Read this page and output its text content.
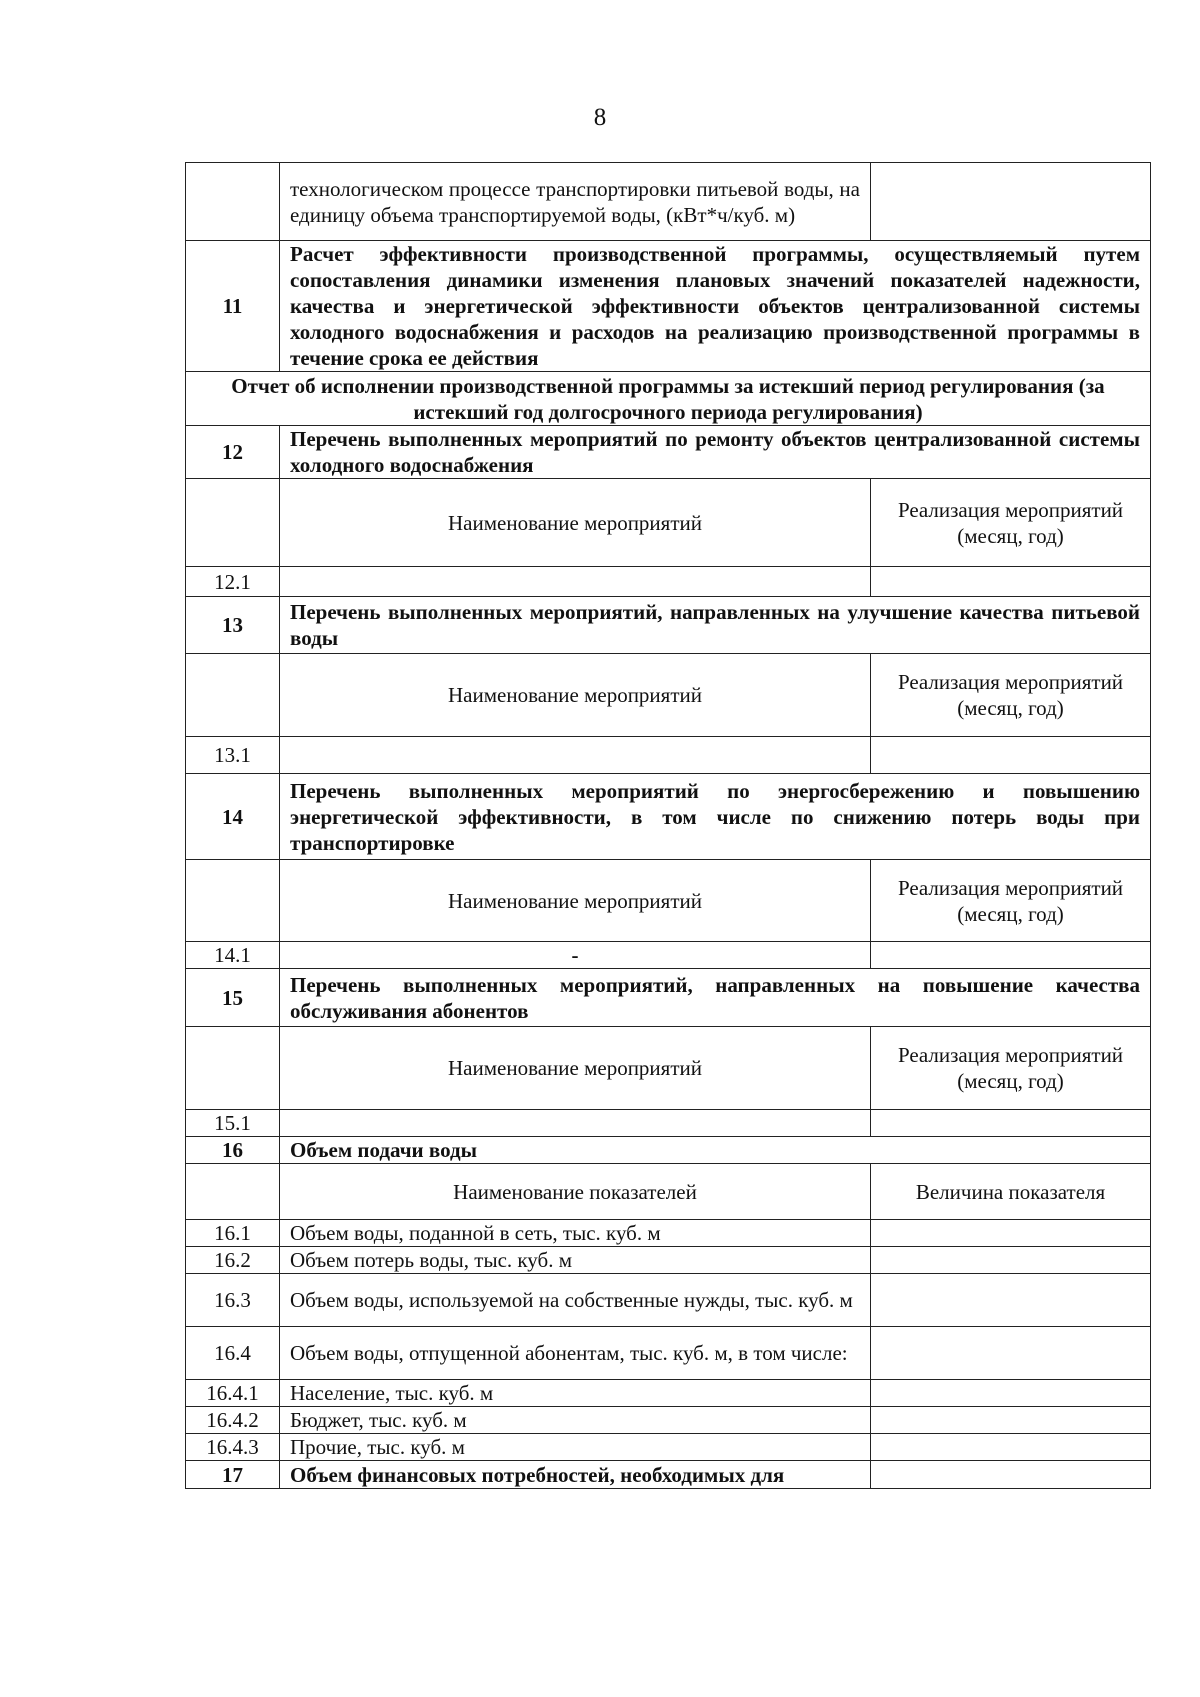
8
	технологическом процессе транспортировки питьевой воды, на единицу объема транспортируемой воды, (кВт*ч/куб. м)	
11	Расчет эффективности производственной программы, осуществляемый путем сопоставления динамики изменения плановых значений показателей надежности, качества и энергетической эффективности объектов централизованной системы холодного водоснабжения и расходов на реализацию производственной программы в течение срока ее действия	
Отчет об исполнении производственной программы за истекший период регулирования (за истекший год долгосрочного периода регулирования)		
12	Перечень выполненных мероприятий по ремонту объектов централизованной системы холодного водоснабжения	
	Наименование мероприятий	Реализация мероприятий (месяц, год)
12.1		
13	Перечень выполненных мероприятий, направленных на улучшение качества питьевой воды	
	Наименование мероприятий	Реализация мероприятий (месяц, год)
13.1		
14	Перечень выполненных мероприятий по энергосбережению и повышению энергетической эффективности, в том числе по снижению потерь воды при транспортировке	
	Наименование мероприятий	Реализация мероприятий (месяц, год)
14.1	-	
15	Перечень выполненных мероприятий, направленных на повышение качества обслуживания абонентов	
	Наименование мероприятий	Реализация мероприятий (месяц, год)
15.1		
16	Объем подачи воды	
	Наименование показателей	Величина показателя
16.1	Объем воды, поданной в сеть, тыс. куб. м	
16.2	Объем потерь воды, тыс. куб. м	
16.3	Объем воды, используемой на собственные нужды, тыс. куб. м	
16.4	Объем воды, отпущенной абонентам, тыс. куб. м, в том числе:	
16.4.1	Население, тыс. куб. м	
16.4.2	Бюджет, тыс. куб. м	
16.4.3	Прочие, тыс. куб. м	
17	Объем финансовых потребностей, необходимых для	
